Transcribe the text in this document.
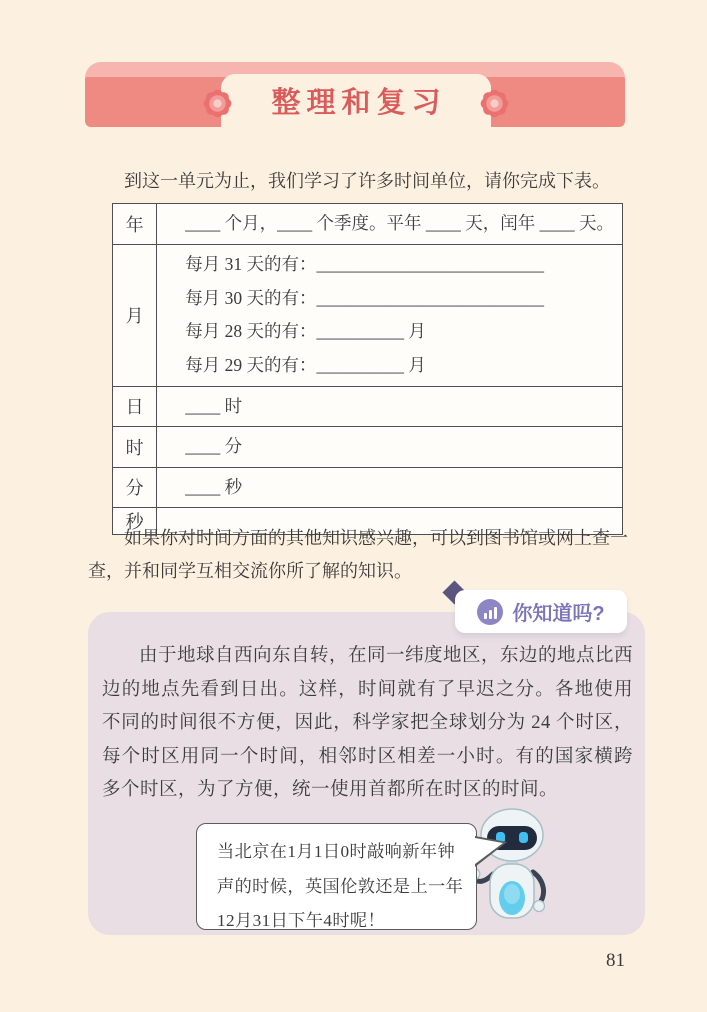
整理和复习

到这一单元为止，我们学习了许多时间单位，请你完成下表。

年	____ 个月，____ 个季度。平年 ____ 天，闰年 ____ 天。

月	每月 31 天的有：__________________________
每月 30 天的有：__________________________
每月 28 天的有：__________ 月
每月 29 天的有：__________ 月

日	____ 时

时	____ 分

分	____ 秒

秒	

如果你对时间方面的其他知识感兴趣，可以到图书馆或网上查一查，并和同学互相交流你所了解的知识。

你知道吗?

由于地球自西向东自转，在同一纬度地区，东边的地点比西边的地点先看到日出。这样，时间就有了早迟之分。各地使用不同的时间很不方便，因此，科学家把全球划分为 24 个时区，每个时区用同一个时间，相邻时区相差一小时。有的国家横跨多个时区，为了方便，统一使用首都所在时区的时间。

当北京在1月1日0时敲响新年钟声的时候，英国伦敦还是上一年12月31日下午4时呢！
81
